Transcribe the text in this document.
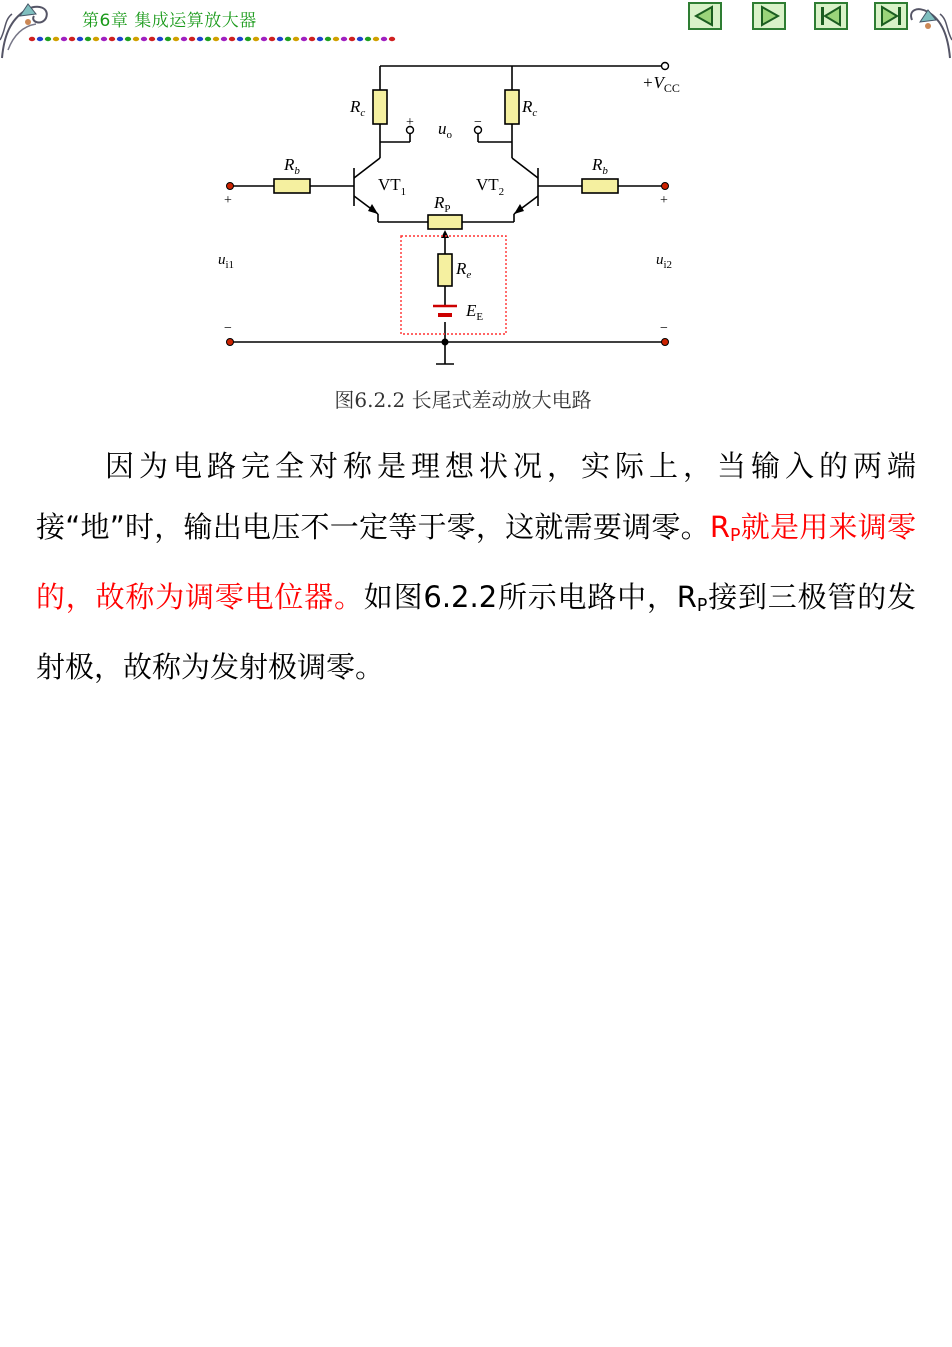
第6章 集成运算放大器
$+V_{CC}$
$R_c$	$R_c$
$R_b$	$R_b$
$VT_1$	$VT_2$
$R_P$
$R_e$
$E_E$
$u_o$
$u_{i1}$	$u_{i2}$
+	−
+	+
−	−
图6.2.2 长尾式差动放大电路

因为电路完全对称是理想状况，实际上，当输入的两端接“地”时，输出电压不一定等于零，这就需要调零。$R_P$就是用来调零的，故称为调零电位器。如图6.2.2所示电路中，$R_P$接到三极管的发射极，故称为发射极调零。
